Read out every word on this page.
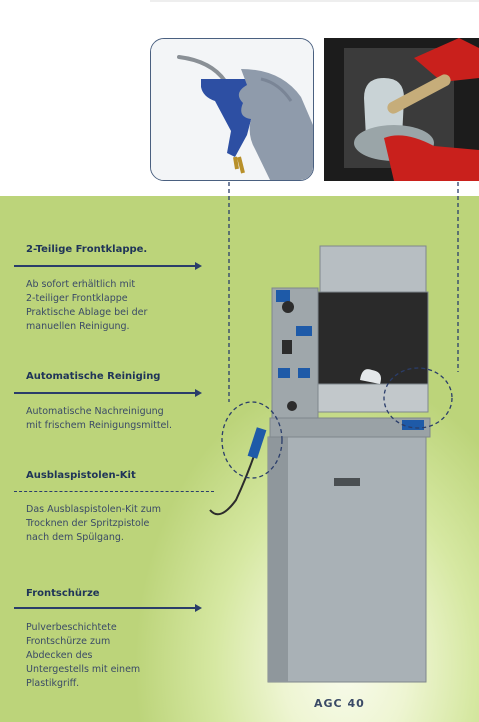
2-Teilige Frontklappe.
Ab sofort erhältlich mit
2-teiliger Frontklappe
Praktische Ablage bei der
manuellen Reinigung.
Automatische Reiniging
Automatische Nachreinigung
mit frischem Reinigungsmittel.
Ausblaspistolen-Kit
Das Ausblaspistolen-Kit zum
Trocknen der Spritzpistole
nach dem Spülgang.
Frontschürze
Pulverbeschichtete
Frontschürze zum
Abdecken des
Untergestells mit einem
Plastikgriff.
AGC 40
